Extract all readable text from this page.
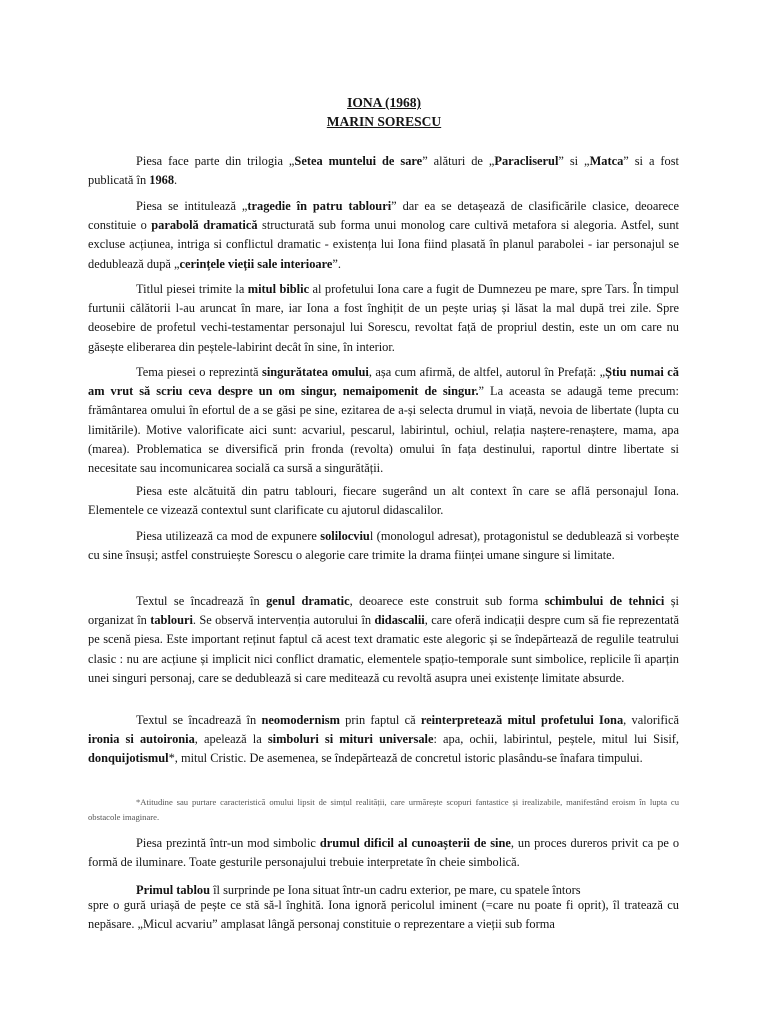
IONA (1968)
MARIN SORESCU

Piesa face parte din trilogia „Setea muntelui de sare” alături de „Paracliserul” si „Matca” si a fost publicată în 1968.

Piesa se intitulează „tragedie în patru tablouri” dar ea se detașează de clasificările clasice, deoarece constituie o parabolă dramatică structurată sub forma unui monolog care cultivă metafora si alegoria. Astfel, sunt excluse acțiunea, intriga si conflictul dramatic - existența lui Iona fiind plasată în planul parabolei - iar personajul se dedublează după „cerințele vieții sale interioare”.

Titlul piesei trimite la mitul biblic al profetului Iona care a fugit de Dumnezeu pe mare, spre Tars. În timpul furtunii călătorii l-au aruncat în mare, iar Iona a fost înghițit de un pește uriaș și lăsat la mal după trei zile. Spre deosebire de profetul vechi-testamentar personajul lui Sorescu, revoltat față de propriul destin, este un om care nu găsește eliberarea din peștele-labirint decât în sine, în interior.

Tema piesei o reprezintă singurătatea omului, așa cum afirmă, de altfel, autorul în Prefață: „Știu numai că am vrut să scriu ceva despre un om singur, nemaipomenit de singur.” La aceasta se adaugă teme precum: frământarea omului în efortul de a se găsi pe sine, ezitarea de a-și selecta drumul in viață, nevoia de libertate (lupta cu limitările). Motive valorificate aici sunt: acvariul, pescarul, labirintul, ochiul, relația naștere-renaștere, mama, apa (marea). Problematica se diversifică prin fronda (revolta) omului în fața destinului, raportul dintre libertate si necesitate sau incomunicarea socială ca sursă a singurătății.

Piesa este alcătuită din patru tablouri, fiecare sugerând un alt context în care se află personajul Iona. Elementele ce vizează contextul sunt clarificate cu ajutorul didascalilor.

Piesa utilizează ca mod de expunere solilocviul (monologul adresat), protagonistul se dedublează si vorbește cu sine însuși; astfel construiește Sorescu o alegorie care trimite la drama ființei umane singure si limitate.

Textul se încadrează în genul dramatic, deoarece este construit sub forma schimbului de tehnici și organizat în tablouri. Se observă intervenția autorului în didascalii, care oferă indicații despre cum să fie reprezentată pe scenă piesa. Este important reținut faptul că acest text dramatic este alegoric și se îndepărtează de regulile teatrului clasic : nu are acțiune și implicit nici conflict dramatic, elementele spațio-temporale sunt simbolice, replicile îi aparțin unei singuri personaj, care se dedublează si care meditează cu revoltă asupra unei existențe limitate absurde.

Textul se încadrează în neomodernism prin faptul că reinterpretează mitul profetului Iona, valorifică ironia si autoironia, apelează la simboluri si mituri universale: apa, ochii, labirintul, peștele, mitul lui Sisif, donquijotismul*, mitul Cristic. De asemenea, se îndepărtează de concretul istoric plasându-se înafara timpului.

*Atitudine sau purtare caracteristică omului lipsit de simțul realității, care urmărește scopuri fantastice și irealizabile, manifestând eroism în lupta cu obstacole imaginare.

Piesa prezintă într-un mod simbolic drumul dificil al cunoașterii de sine, un proces dureros privit ca pe o formă de iluminare. Toate gesturile personajului trebuie interpretate în cheie simbolică.

Primul tablou îl surprinde pe Iona situat într-un cadru exterior, pe mare, cu spatele întors

spre o gură uriașă de pește ce stă să-l înghită. Iona ignoră pericolul iminent (=care nu poate fi oprit), îl tratează cu nepăsare. „Micul acvariu” amplasat lângă personaj constituie o reprezentare a vieții sub forma
